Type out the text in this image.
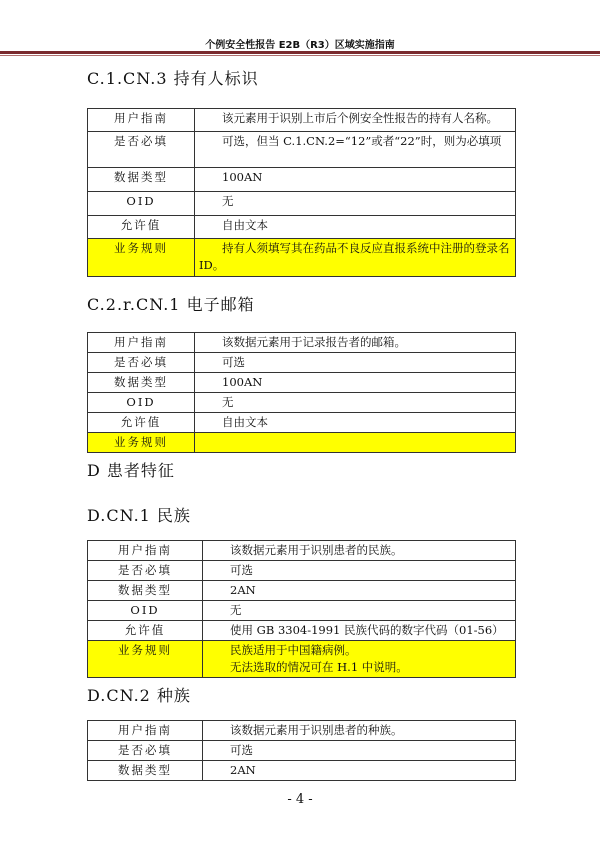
个例安全性报告 E2B（R3）区域实施指南
C.1.CN.3 持有人标识
用户指南	该元素用于识别上市后个例安全性报告的持有人名称。

是否必填	可选，但当 C.1.CN.2=“12”或者“22”时，则为必填项

数据类型	100AN

OID	无

允许值	自由文本

业务规则	持有人须填写其在药品不良反应直报系统中注册的登录名 ID。
C.2.r.CN.1 电子邮箱
用户指南	该数据元素用于记录报告者的邮箱。

是否必填	可选

数据类型	100AN

OID	无

允许值	自由文本

业务规则	
D 患者特征
D.CN.1 民族
用户指南	该数据元素用于识别患者的民族。

是否必填	可选

数据类型	2AN

OID	无

允许值	使用 GB 3304-1991 民族代码的数字代码（01-56）

业务规则	民族适用于中国籍病例。
无法选取的情况可在 H.1 中说明。
D.CN.2 种族
用户指南	该数据元素用于识别患者的种族。

是否必填	可选

数据类型	2AN
- 4 -
